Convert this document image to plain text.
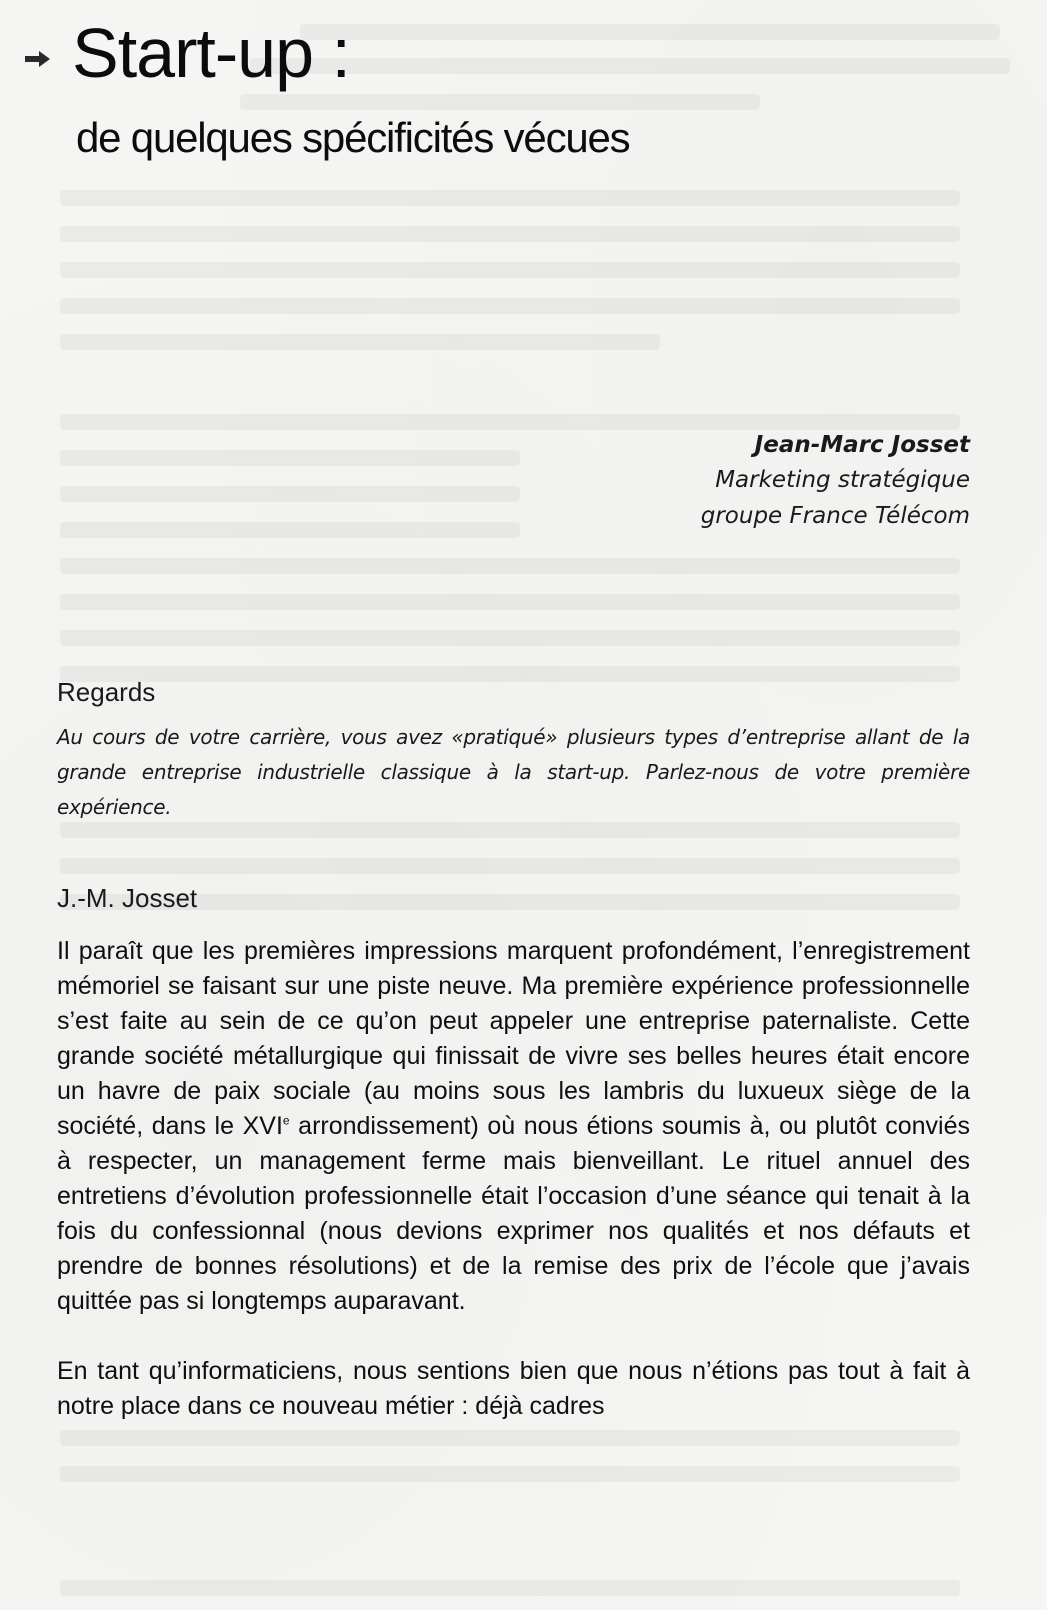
Start-up :
de quelques spécificités vécues
Jean-Marc Josset
Marketing stratégique
groupe France Télécom
Regards
Au cours de votre carrière, vous avez «pratiqué» plusieurs types d’entreprise allant de la grande entreprise industrielle classique à la start-up. Parlez-nous de votre première expérience.
J.-M. Josset

Il paraît que les premières impressions marquent profondément, l’enregistrement mémoriel se faisant sur une piste neuve. Ma première expérience professionnelle s’est faite au sein de ce qu’on peut appeler une entreprise paternaliste. Cette grande société métallurgique qui finissait de vivre ses belles heures était encore un havre de paix sociale (au moins sous les lambris du luxueux siège de la société, dans le XVIe arrondissement) où nous étions soumis à, ou plutôt conviés à respecter, un management ferme mais bienveillant. Le rituel annuel des entretiens d’évolution professionnelle était l’occasion d’une séance qui tenait à la fois du confessionnal (nous devions exprimer nos qualités et nos défauts et prendre de bonnes résolutions) et de la remise des prix de l’école que j’avais quittée pas si longtemps auparavant.

En tant qu’informaticiens, nous sentions bien que nous n’étions pas tout à fait à notre place dans ce nouveau métier : déjà cadres
